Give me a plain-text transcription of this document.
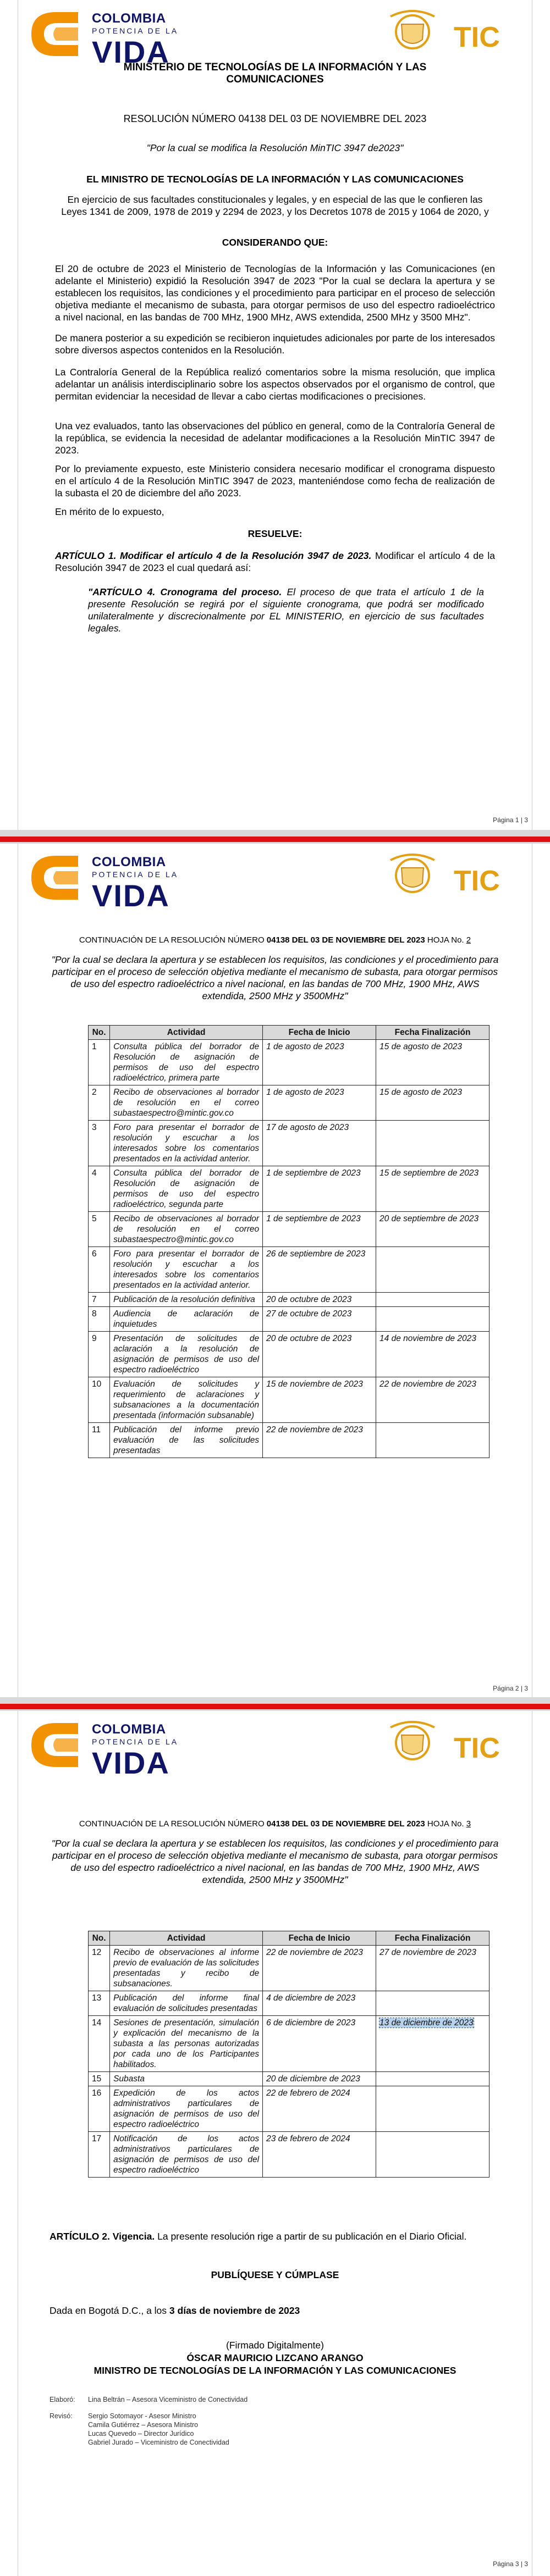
COLOMBIA
POTENCIA DE LA
VIDA	TIC
MINISTERIO DE TECNOLOGÍAS DE LA INFORMACIÓN Y LAS COMUNICACIONES
RESOLUCIÓN NÚMERO 04138 DEL 03 DE NOVIEMBRE DEL 2023
"Por la cual se modifica la Resolución MinTIC 3947 de2023"
EL MINISTRO DE TECNOLOGÍAS DE LA INFORMACIÓN Y LAS COMUNICACIONES
En ejercicio de sus facultades constitucionales y legales, y en especial de las que le confieren las Leyes 1341 de 2009, 1978 de 2019 y 2294 de 2023, y los Decretos 1078 de 2015 y 1064 de 2020, y
CONSIDERANDO QUE:
El 20 de octubre de 2023 el Ministerio de Tecnologías de la Información y las Comunicaciones (en adelante el Ministerio) expidió la Resolución 3947 de 2023 "Por la cual se declara la apertura y se establecen los requisitos, las condiciones y el procedimiento para participar en el proceso de selección objetiva mediante el mecanismo de subasta, para otorgar permisos de uso del espectro radioeléctrico a nivel nacional, en las bandas de 700 MHz, 1900 MHz, AWS extendida, 2500 MHz y 3500 MHz".
De manera posterior a su expedición se recibieron inquietudes adicionales por parte de los interesados sobre diversos aspectos contenidos en la Resolución.
La Contraloría General de la República realizó comentarios sobre la misma resolución, que implica adelantar un análisis interdisciplinario sobre los aspectos observados por el organismo de control, que permitan evidenciar la necesidad de llevar a cabo ciertas modificaciones o precisiones.
Una vez evaluados, tanto las observaciones del público en general, como de la Contraloría General de la república, se evidencia la necesidad de adelantar modificaciones a la Resolución MinTIC 3947 de 2023.
Por lo previamente expuesto, este Ministerio considera necesario modificar el cronograma dispuesto en el artículo 4 de la Resolución MinTIC 3947 de 2023, manteniéndose como fecha de realización de la subasta el 20 de diciembre del año 2023.
En mérito de lo expuesto,
RESUELVE:
ARTÍCULO 1. Modificar el artículo 4 de la Resolución 3947 de 2023. Modificar el artículo 4 de la Resolución 3947 de 2023 el cual quedará así:
"ARTÍCULO 4. Cronograma del proceso. El proceso de que trata el artículo 1 de la presente Resolución se regirá por el siguiente cronograma, que podrá ser modificado unilateralmente y discrecionalmente por EL MINISTERIO, en ejercicio de sus facultades legales.
Página 1 | 3
COLOMBIA
POTENCIA DE LA
VIDA	TIC
CONTINUACIÓN DE LA RESOLUCIÓN NÚMERO 04138 DEL 03 DE NOVIEMBRE DEL 2023 HOJA No. 2
"Por la cual se declara la apertura y se establecen los requisitos, las condiciones y el procedimiento para participar en el proceso de selección objetiva mediante el mecanismo de subasta, para otorgar permisos de uso del espectro radioeléctrico a nivel nacional, en las bandas de 700 MHz, 1900 MHz, AWS extendida, 2500 MHz y 3500MHz"
No.	Actividad	Fecha de Inicio	Fecha Finalización
1	Consulta pública del borrador de Resolución de asignación de permisos de uso del espectro radioeléctrico, primera parte	1 de agosto de 2023	15 de agosto de 2023
2	Recibo de observaciones al borrador de resolución en el correo subastaespectro@mintic.gov.co	1 de agosto de 2023	15 de agosto de 2023
3	Foro para presentar el borrador de resolución y escuchar a los interesados sobre los comentarios presentados en la actividad anterior.	17 de agosto de 2023	
4	Consulta pública del borrador de Resolución de asignación de permisos de uso del espectro radioeléctrico, segunda parte	1 de septiembre de 2023	15 de septiembre de 2023
5	Recibo de observaciones al borrador de resolución en el correo subastaespectro@mintic.gov.co	1 de septiembre de 2023	20 de septiembre de 2023
6	Foro para presentar el borrador de resolución y escuchar a los interesados sobre los comentarios presentados en la actividad anterior.	26 de septiembre de 2023	
7	Publicación de la resolución definitiva	20 de octubre de 2023	
8	Audiencia de aclaración de inquietudes	27 de octubre de 2023	
9	Presentación de solicitudes de aclaración a la resolución de asignación de permisos de uso del espectro radioeléctrico	20 de octubre de 2023	14 de noviembre de 2023
10	Evaluación de solicitudes y requerimiento de aclaraciones y subsanaciones a la documentación presentada (información subsanable)	15 de noviembre de 2023	22 de noviembre de 2023
11	Publicación del informe previo evaluación de las solicitudes presentadas	22 de noviembre de 2023	
Página 2 | 3
COLOMBIA
POTENCIA DE LA
VIDA	TIC
CONTINUACIÓN DE LA RESOLUCIÓN NÚMERO 04138 DEL 03 DE NOVIEMBRE DEL 2023 HOJA No. 3
"Por la cual se declara la apertura y se establecen los requisitos, las condiciones y el procedimiento para participar en el proceso de selección objetiva mediante el mecanismo de subasta, para otorgar permisos de uso del espectro radioeléctrico a nivel nacional, en las bandas de 700 MHz, 1900 MHz, AWS extendida, 2500 MHz y 3500MHz"
No.	Actividad	Fecha de Inicio	Fecha Finalización
12	Recibo de observaciones al informe previo de evaluación de las solicitudes presentadas y recibo de subsanaciones.	22 de noviembre de 2023	27 de noviembre de 2023
13	Publicación del informe final evaluación de solicitudes presentadas	4 de diciembre de 2023	
14	Sesiones de presentación, simulación y explicación del mecanismo de la subasta a las personas autorizadas por cada uno de los Participantes habilitados.	6 de diciembre de 2023	13 de diciembre de 2023
15	Subasta	20 de diciembre de 2023	
16	Expedición de los actos administrativos particulares de asignación de permisos de uso del espectro radioeléctrico	22 de febrero de 2024	
17	Notificación de los actos administrativos particulares de asignación de permisos de uso del espectro radioeléctrico	23 de febrero de 2024	
ARTÍCULO 2. Vigencia. La presente resolución rige a partir de su publicación en el Diario Oficial.
PUBLÍQUESE Y CÚMPLASE
Dada en Bogotá D.C., a los 3 días de noviembre de 2023
(Firmado Digitalmente)
ÓSCAR MAURICIO LIZCANO ARANGO
MINISTRO DE TECNOLOGÍAS DE LA INFORMACIÓN Y LAS COMUNICACIONES
Elaboró:	Lina Beltrán – Asesora Viceministro de Conectividad
Revisó:	Sergio Sotomayor - Asesor Ministro
Camila Gutiérrez – Asesora Ministro
Lucas Quevedo – Director Jurídico
Gabriel Jurado – Viceministro de Conectividad
Página 3 | 3
